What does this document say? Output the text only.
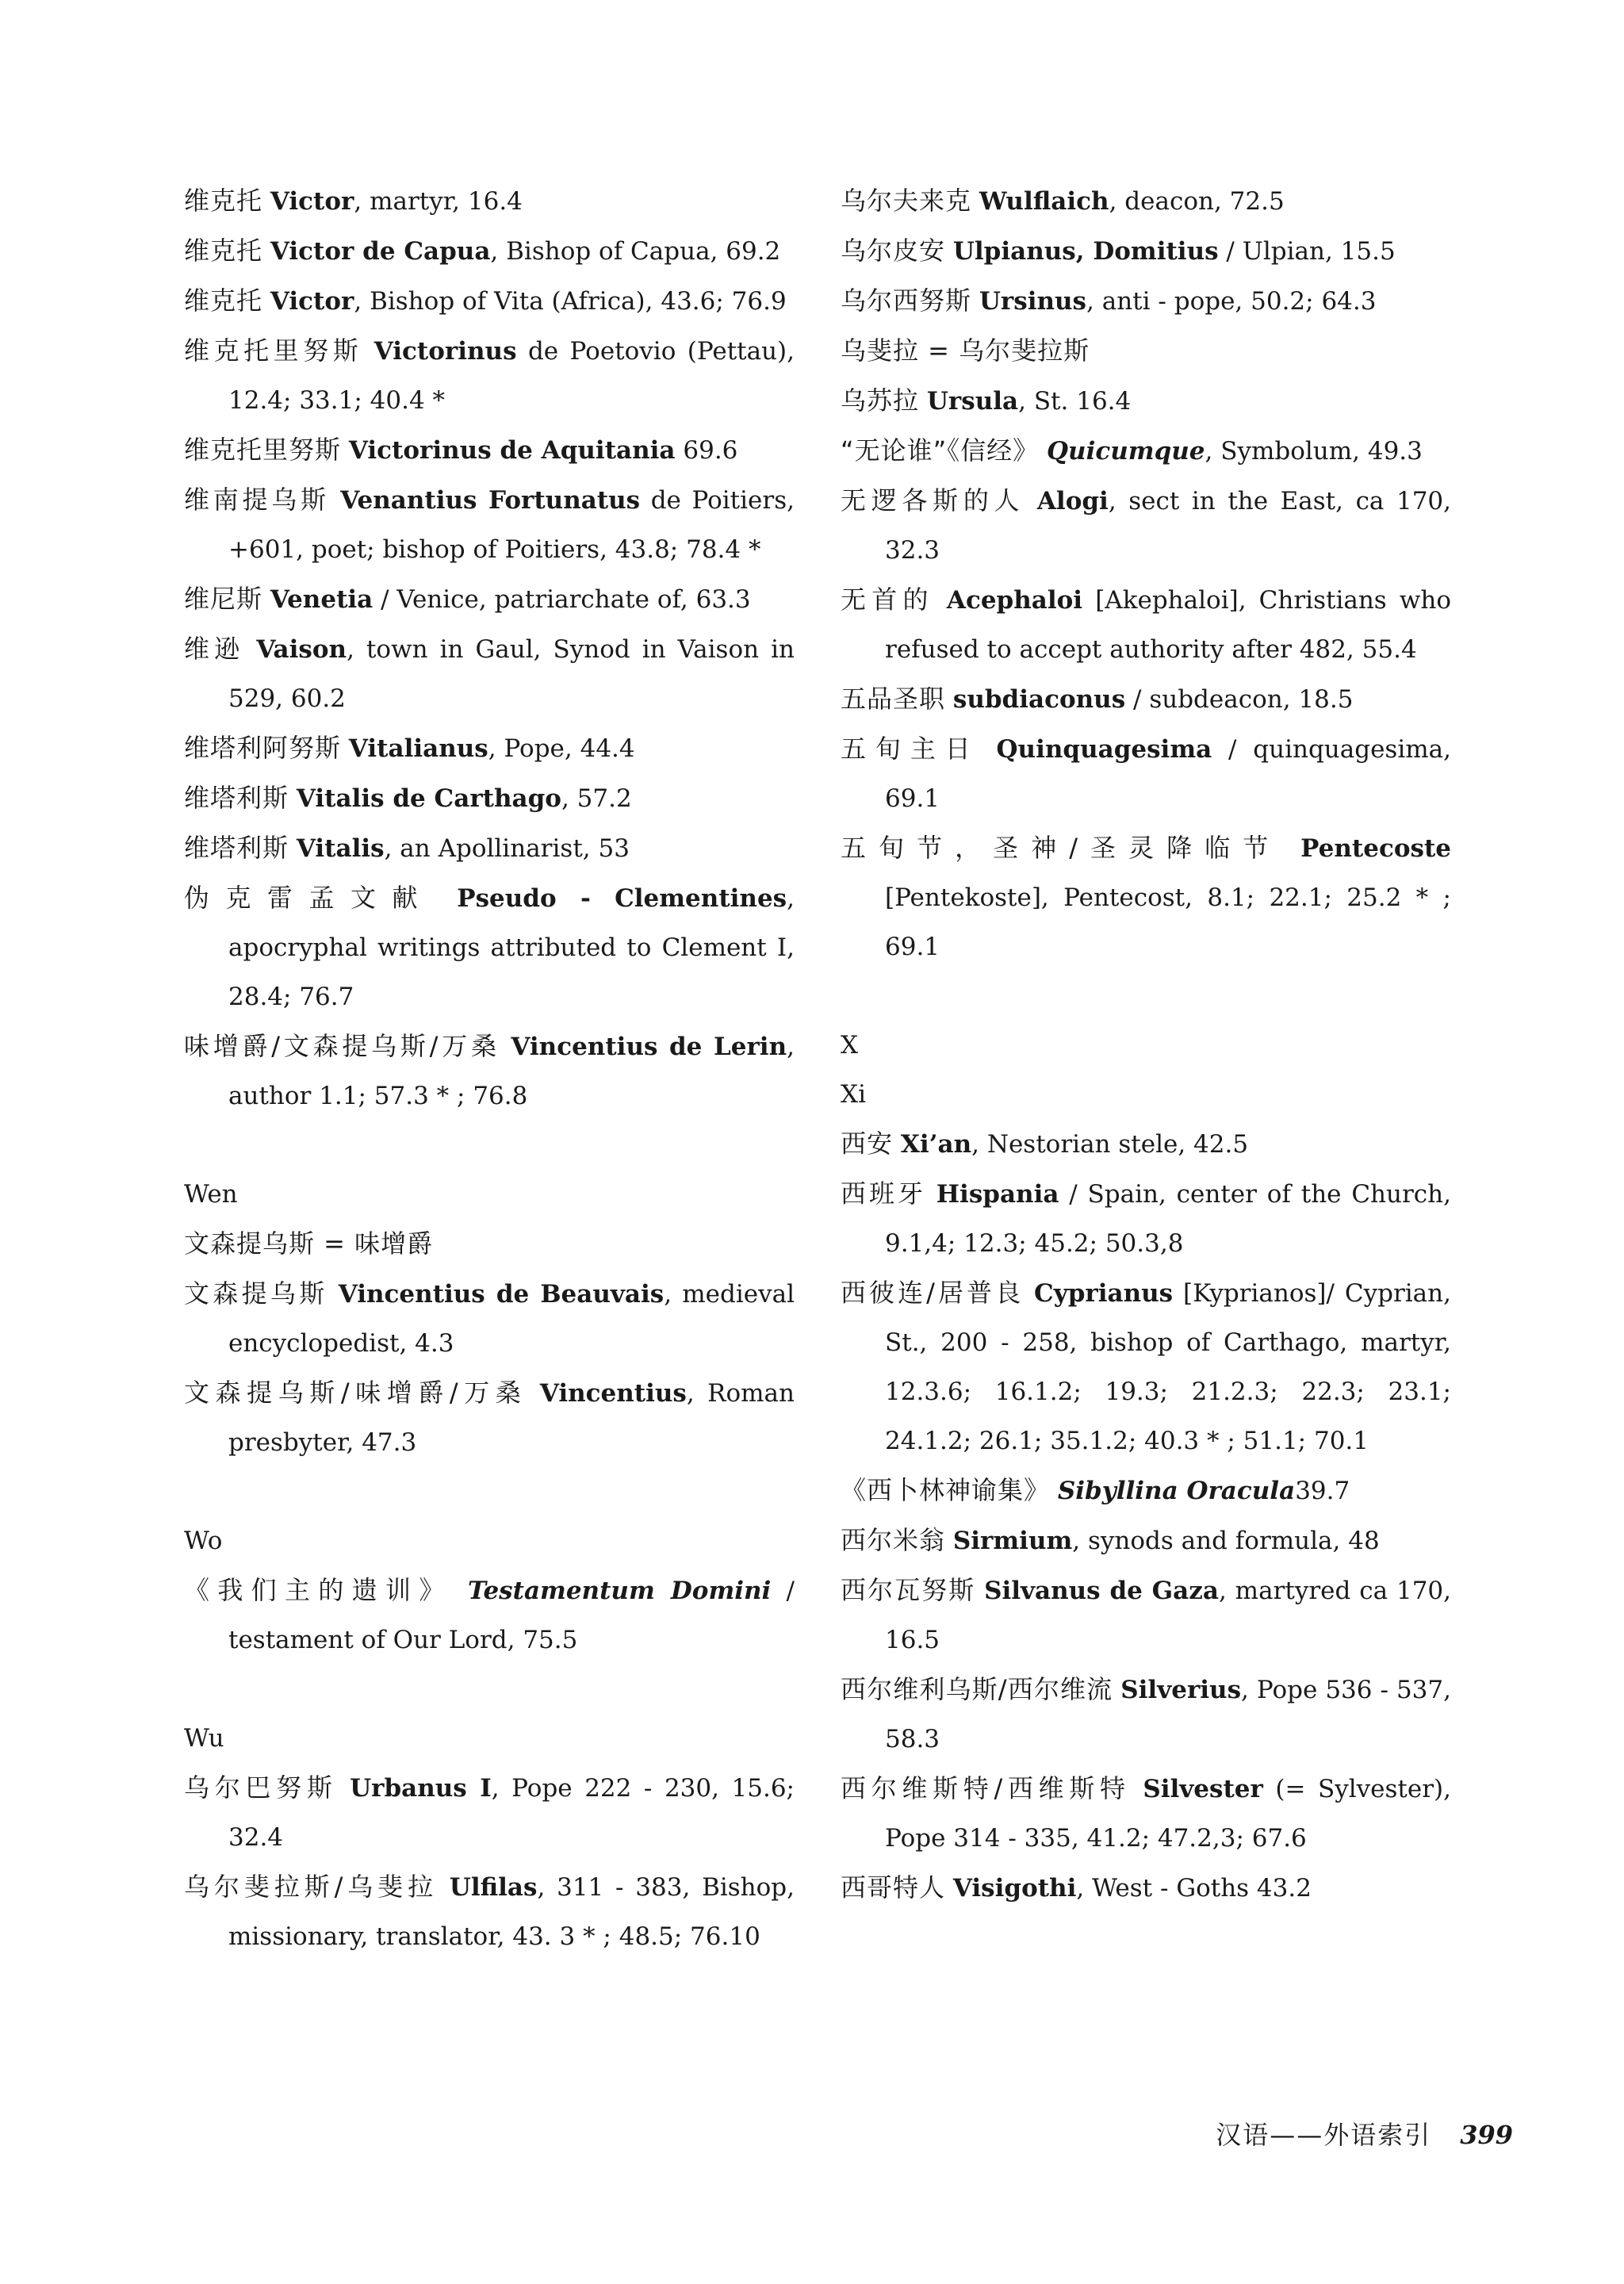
维克托 Victor, martyr, 16.4
维克托 Victor de Capua, Bishop of Capua, 69.2
维克托 Victor, Bishop of Vita (Africa), 43.6; 76.9
维克托里努斯 Victorinus de Poetovio (Pettau), 12.4; 33.1; 40.4 *
维克托里努斯 Victorinus de Aquitania 69.6
维南提乌斯 Venantius Fortunatus de Poitiers, +601, poet; bishop of Poitiers, 43.8; 78.4 *
维尼斯 Venetia / Venice, patriarchate of, 63.3
维逊 Vaison, town in Gaul, Synod in Vaison in 529, 60.2
维塔利阿努斯 Vitalianus, Pope, 44.4
维塔利斯 Vitalis de Carthago, 57.2
维塔利斯 Vitalis, an Apollinarist, 53
伪克雷孟文献 Pseudo - Clementines, apocryphal writings attributed to Clement I, 28.4; 76.7
味增爵/文森提乌斯/万桑 Vincentius de Lerin, author 1.1; 57.3 * ; 76.8
Wen
文森提乌斯 = 味增爵
文森提乌斯 Vincentius de Beauvais, medieval encyclopedist, 4.3
文森提乌斯/味增爵/万桑 Vincentius, Roman presbyter, 47.3
Wo
《我们主的遗训》 Testamentum Domini / testament of Our Lord, 75.5
Wu
乌尔巴努斯 Urbanus I, Pope 222 - 230, 15.6; 32.4
乌尔斐拉斯/乌斐拉 Ulfilas, 311 - 383, Bishop, missionary, translator, 43. 3 * ; 48.5; 76.10
乌尔夫来克 Wulflaich, deacon, 72.5
乌尔皮安 Ulpianus, Domitius / Ulpian, 15.5
乌尔西努斯 Ursinus, anti - pope, 50.2; 64.3
乌斐拉 = 乌尔斐拉斯
乌苏拉 Ursula, St. 16.4
“无论谁”《信经》 Quicumque, Symbolum, 49.3
无逻各斯的人 Alogi, sect in the East, ca 170, 32.3
无首的 Acephaloi [Akephaloi], Christians who refused to accept authority after 482, 55.4
五品圣职 subdiaconus / subdeacon, 18.5
五旬主日 Quinquagesima / quinquagesima, 69.1
五旬节，圣神/圣灵降临节 Pentecoste [Pentekoste], Pentecost, 8.1; 22.1; 25.2 * ; 69.1
X
Xi
西安 Xi’an, Nestorian stele, 42.5
西班牙 Hispania / Spain, center of the Church, 9.1,4; 12.3; 45.2; 50.3,8
西彼连/居普良 Cyprianus [Kyprianos]/ Cyprian, St., 200 - 258, bishop of Carthago, martyr, 12.3.6; 16.1.2; 19.3; 21.2.3; 22.3; 23.1; 24.1.2; 26.1; 35.1.2; 40.3 * ; 51.1; 70.1
《西卜林神谕集》 Sibyllina Oracula39.7
西尔米翁 Sirmium, synods and formula, 48
西尔瓦努斯 Silvanus de Gaza, martyred ca 170, 16.5
西尔维利乌斯/西尔维流 Silverius, Pope 536 - 537, 58.3
西尔维斯特/西维斯特 Silvester (= Sylvester), Pope 314 - 335, 41.2; 47.2,3; 67.6
西哥特人 Visigothi, West - Goths 43.2
汉语——外语索引 399
